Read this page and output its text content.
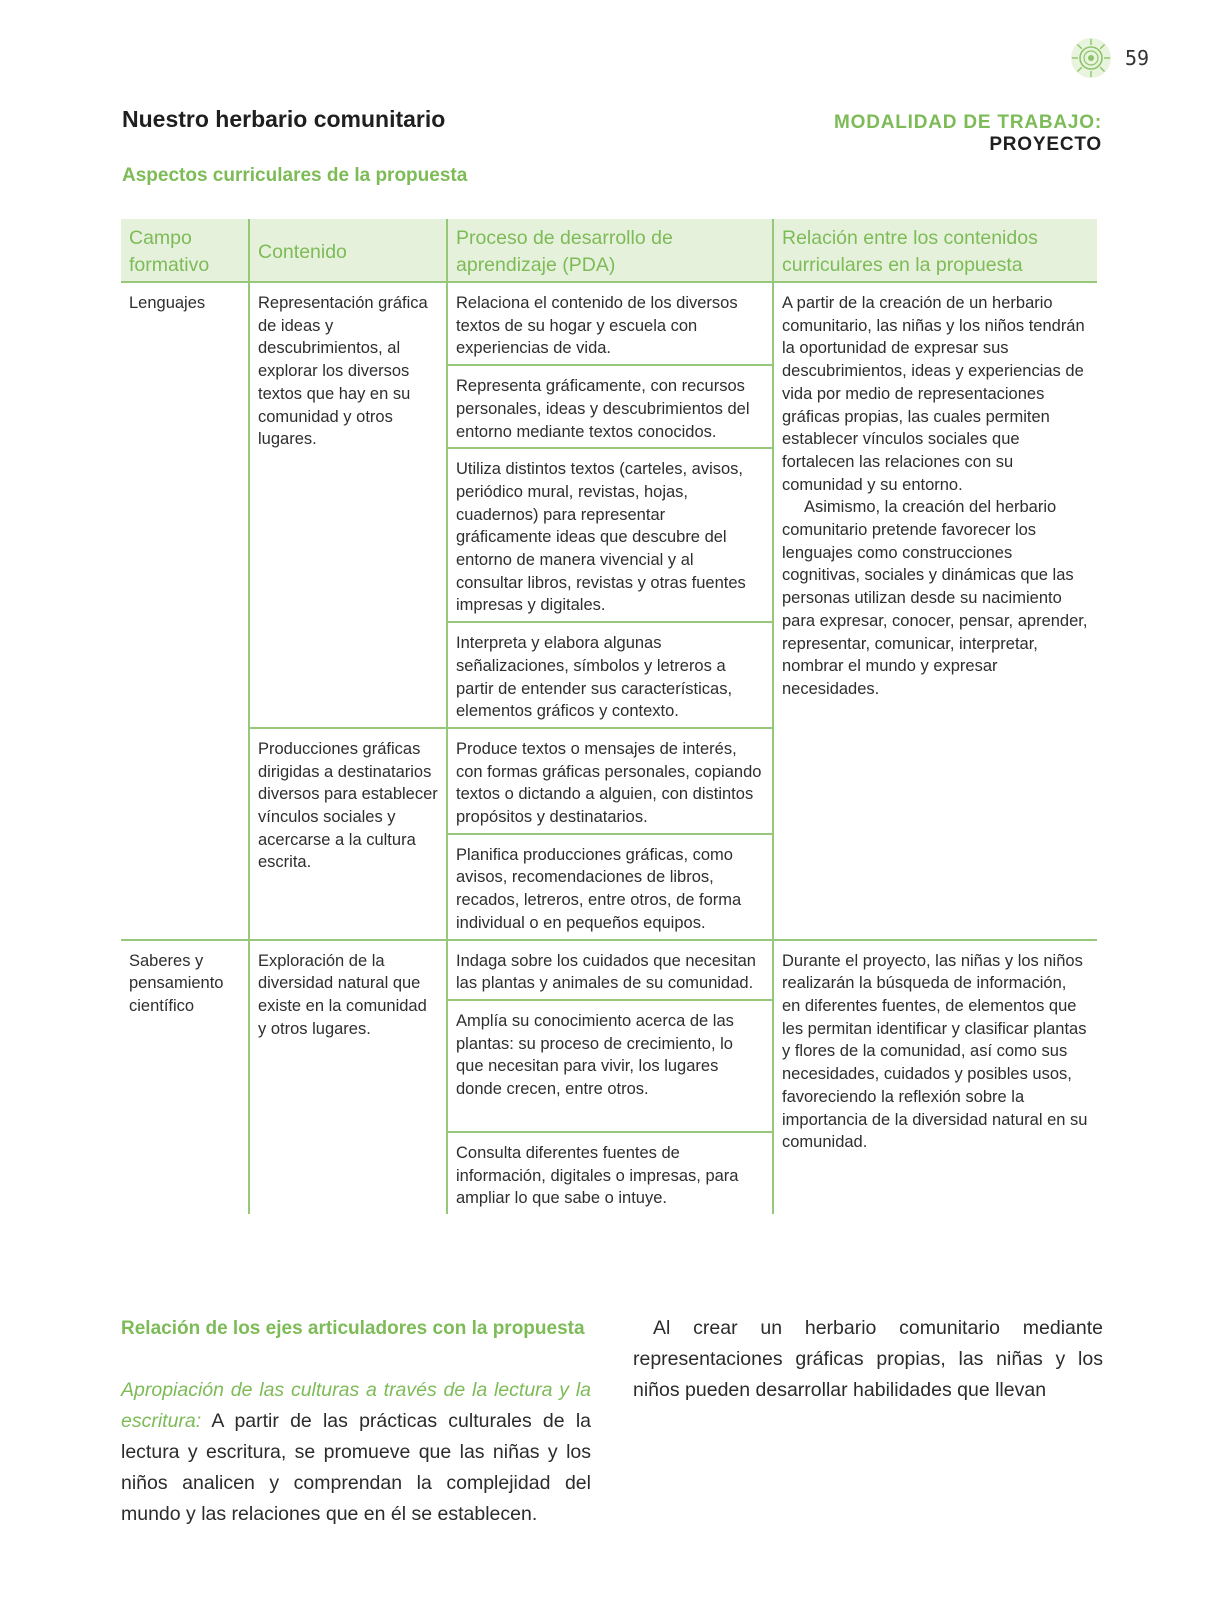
59
Nuestro herbario comunitario	MODALIDAD DE TRABAJO: PROYECTO
Aspectos curriculares de la propuesta
Campo formativo	Contenido	Proceso de desarrollo de aprendizaje (PDA)	Relación entre los contenidos curriculares en la propuesta
Lenguajes	Representación gráfica de ideas y descubrimientos, al explorar los diversos textos que hay en su comunidad y otros lugares.	Relaciona el contenido de los diversos textos de su hogar y escuela con experiencias de vida.	A partir de la creación de un herbario comunitario, las niñas y los niños tendrán la oportunidad de expresar sus descubrimientos, ideas y experiencias de vida por medio de representaciones gráficas propias, las cuales permiten establecer vínculos sociales que fortalecen las relaciones con su comunidad y su entorno.

Asimismo, la creación del herbario comunitario pretende favorecer los lenguajes como construcciones cognitivas, sociales y dinámicas que las personas utilizan desde su nacimiento para expresar, conocer, pensar, aprender, representar, comunicar, interpretar, nombrar el mundo y expresar necesidades.

		Representa gráficamente, con recursos personales, ideas y descubrimientos del entorno mediante textos conocidos.	
		Utiliza distintos textos (carteles, avisos, periódico mural, revistas, hojas, cuadernos) para representar gráficamente ideas que descubre del entorno de manera vivencial y al consultar libros, revistas y otras fuentes impresas y digitales.	
		Interpreta y elabora algunas señalizaciones, símbolos y letreros a partir de entender sus características, elementos gráficos y contexto.	
	Producciones gráficas dirigidas a destinatarios diversos para establecer vínculos sociales y acercarse a la cultura escrita.	Produce textos o mensajes de interés, con formas gráficas personales, copiando textos o dictando a alguien, con distintos propósitos y destinatarios.	
		Planifica producciones gráficas, como avisos, recomendaciones de libros, recados, letreros, entre otros, de forma individual o en pequeños equipos.	
Saberes y pensamiento científico	Exploración de la diversidad natural que existe en la comunidad y otros lugares.	Indaga sobre los cuidados que necesitan las plantas y animales de su comunidad.	Durante el proyecto, las niñas y los niños realizarán la búsqueda de información, en diferentes fuentes, de elementos que les permitan identificar y clasificar plantas y flores de la comunidad, así como sus necesidades, cuidados y posibles usos, favoreciendo la reflexión sobre la importancia de la diversidad natural en su comunidad.

		Amplía su conocimiento acerca de las plantas: su proceso de crecimiento, lo que necesitan para vivir, los lugares donde crecen, entre otros.	
		Consulta diferentes fuentes de información, digitales o impresas, para ampliar lo que sabe o intuye.	
Relación de los ejes articuladores con la propuesta

Apropiación de las culturas a través de la lectura y la escritura: A partir de las prácticas culturales de la lectura y escritura, se promueve que las niñas y los niños analicen y comprendan la complejidad del mundo y las relaciones que en él se establecen.

Al crear un herbario comunitario mediante representaciones gráficas propias, las niñas y los niños pueden desarrollar habilidades que llevan
